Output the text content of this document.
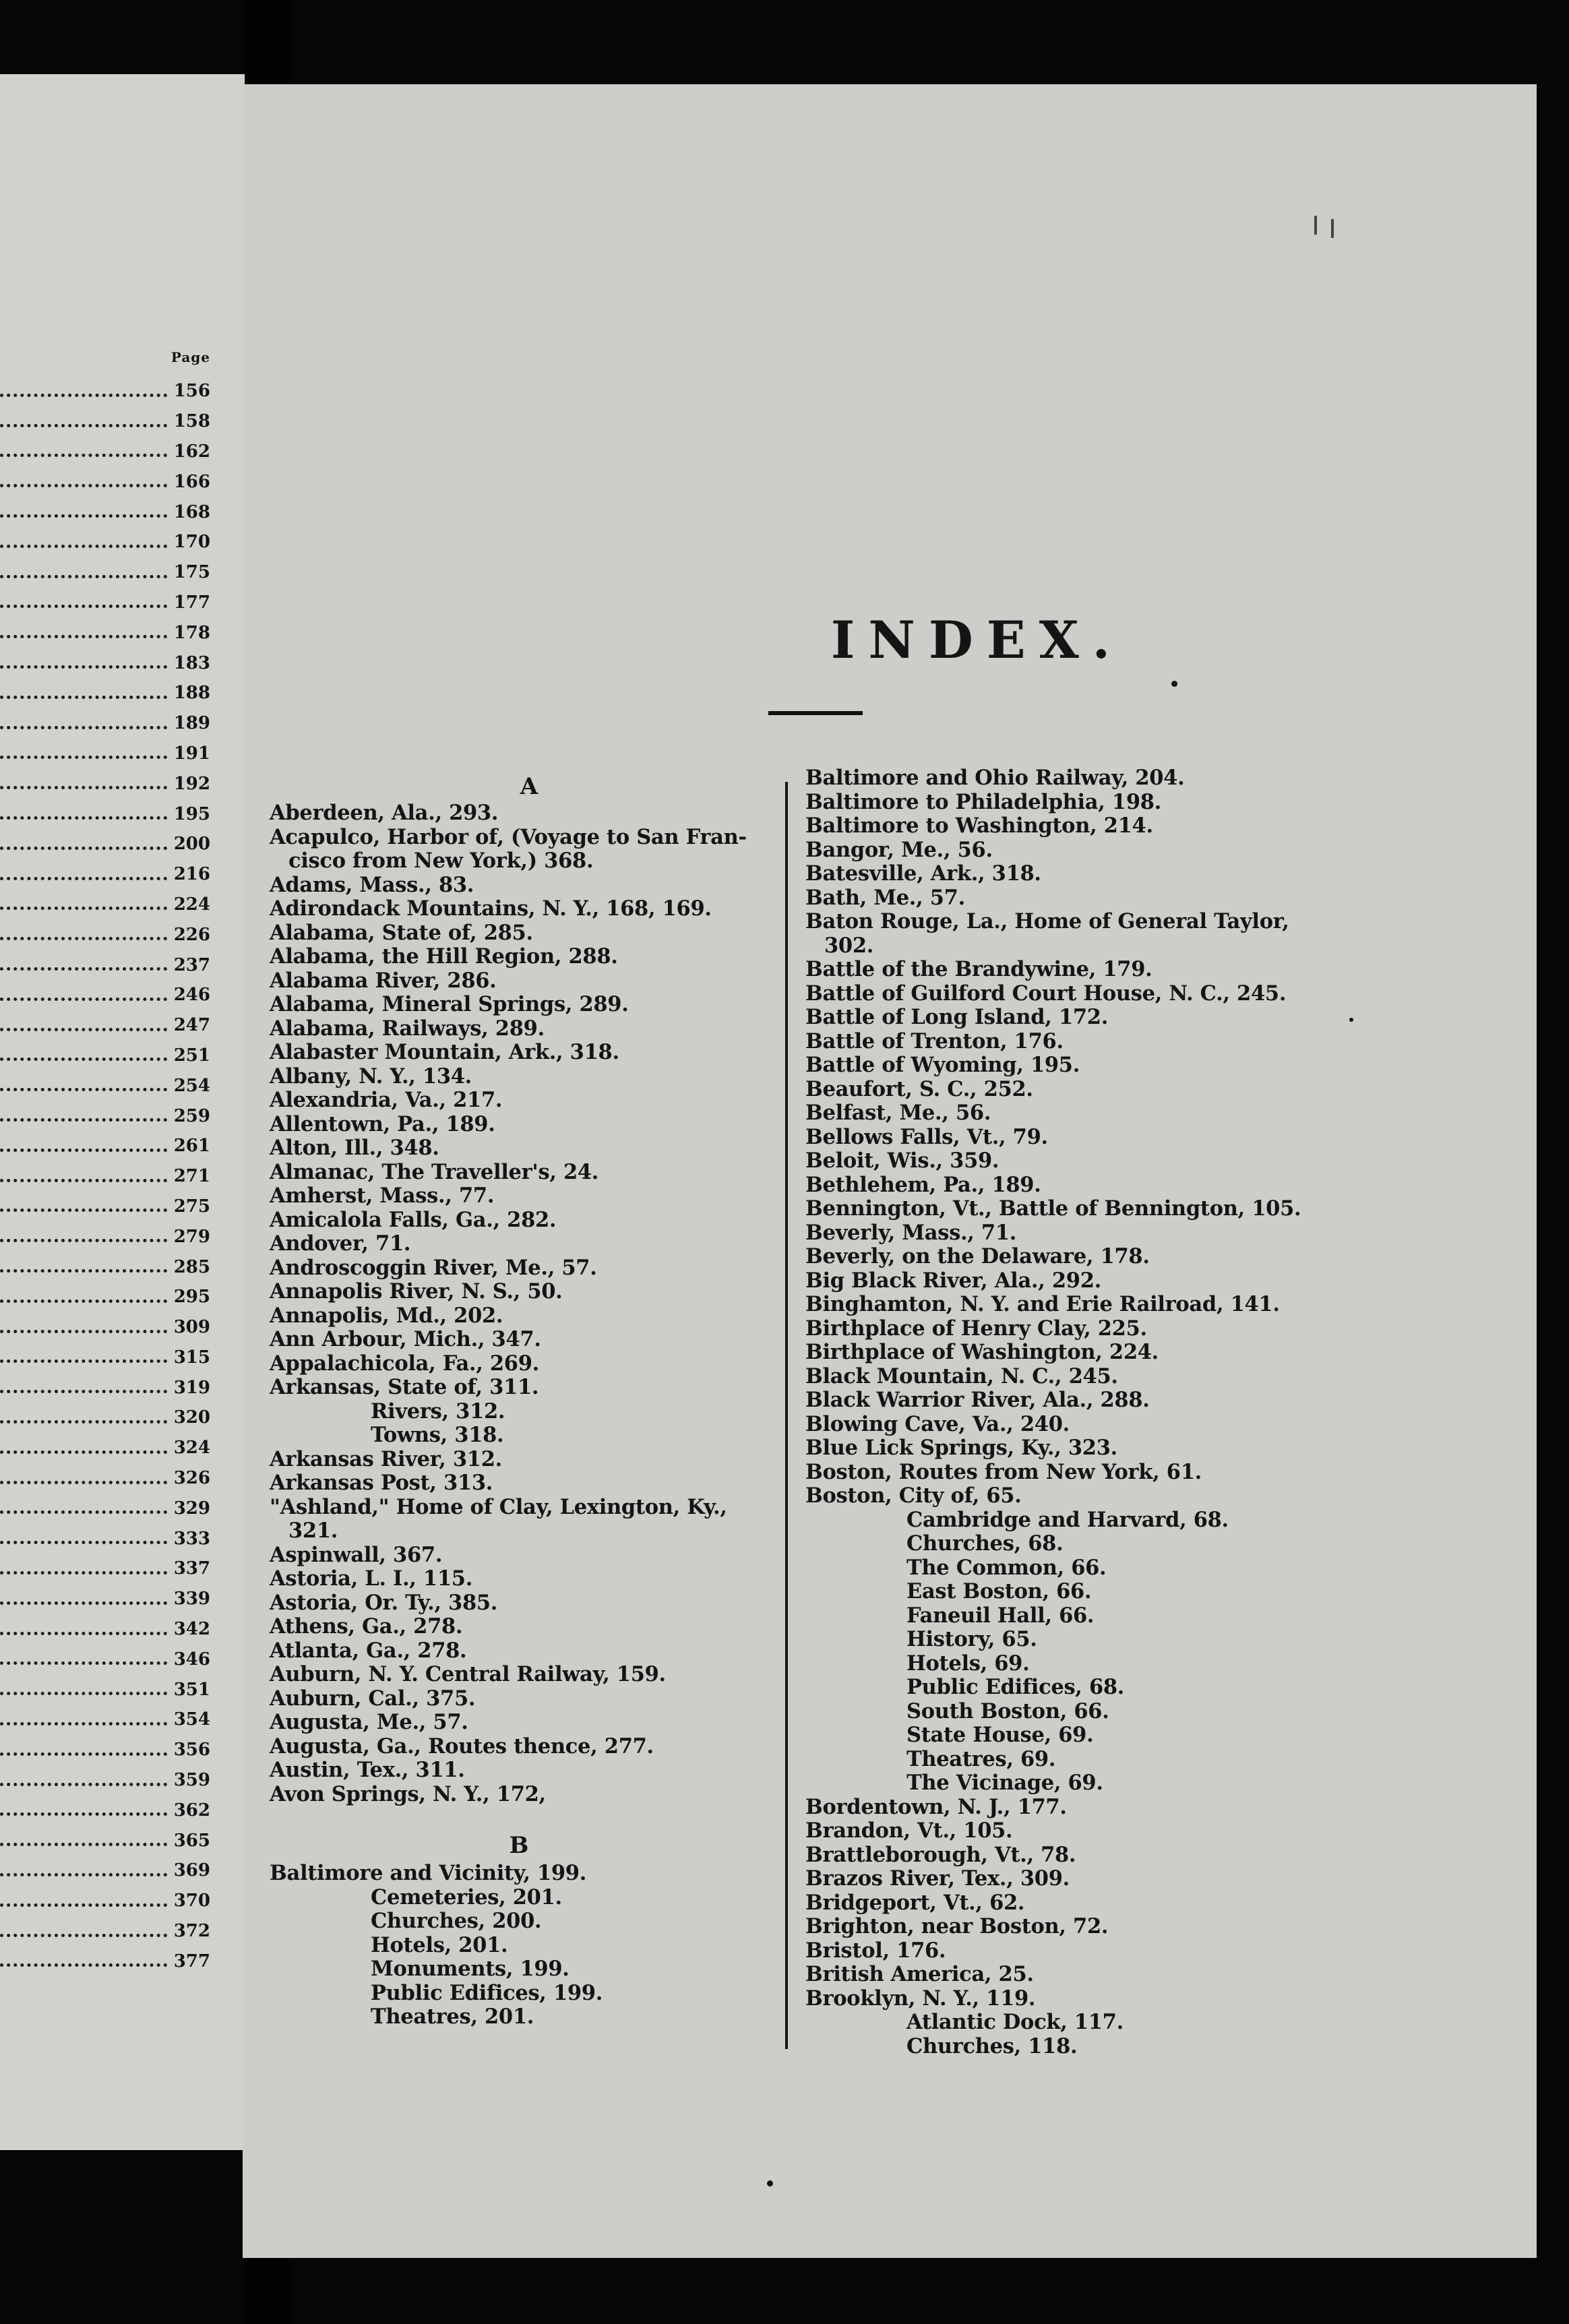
Page
156
158
162
166
168
170
175
177
178
183
188
189
191
192
195
200
216
224
226
237
246
247
251
254
259
261
271
275
279
285
295
309
315
319
320
324
326
329
333
337
339
342
346
351
354
356
359
362
365
369
370
372
377
INDEX.
A
Aberdeen, Ala., 293.
Acapulco, Harbor of, (Voyage to San Fran-
cisco from New York,) 368.
Adams, Mass., 83.
Adirondack Mountains, N. Y., 168, 169.
Alabama, State of, 285.
Alabama, the Hill Region, 288.
Alabama River, 286.
Alabama, Mineral Springs, 289.
Alabama, Railways, 289.
Alabaster Mountain, Ark., 318.
Albany, N. Y., 134.
Alexandria, Va., 217.
Allentown, Pa., 189.
Alton, Ill., 348.
Almanac, The Traveller's, 24.
Amherst, Mass., 77.
Amicalola Falls, Ga., 282.
Andover, 71.
Androscoggin River, Me., 57.
Annapolis River, N. S., 50.
Annapolis, Md., 202.
Ann Arbour, Mich., 347.
Appalachicola, Fa., 269.
Arkansas, State of, 311.
Rivers, 312.
Towns, 318.
Arkansas River, 312.
Arkansas Post, 313.
"Ashland," Home of Clay, Lexington, Ky.,
321.
Aspinwall, 367.
Astoria, L. I., 115.
Astoria, Or. Ty., 385.
Athens, Ga., 278.
Atlanta, Ga., 278.
Auburn, N. Y. Central Railway, 159.
Auburn, Cal., 375.
Augusta, Me., 57.
Augusta, Ga., Routes thence, 277.
Austin, Tex., 311.
Avon Springs, N. Y., 172,
B
Baltimore and Vicinity, 199.
Cemeteries, 201.
Churches, 200.
Hotels, 201.
Monuments, 199.
Public Edifices, 199.
Theatres, 201.
Baltimore and Ohio Railway, 204.
Baltimore to Philadelphia, 198.
Baltimore to Washington, 214.
Bangor, Me., 56.
Batesville, Ark., 318.
Bath, Me., 57.
Baton Rouge, La., Home of General Taylor,
302.
Battle of the Brandywine, 179.
Battle of Guilford Court House, N. C., 245.
Battle of Long Island, 172.
Battle of Trenton, 176.
Battle of Wyoming, 195.
Beaufort, S. C., 252.
Belfast, Me., 56.
Bellows Falls, Vt., 79.
Beloit, Wis., 359.
Bethlehem, Pa., 189.
Bennington, Vt., Battle of Bennington, 105.
Beverly, Mass., 71.
Beverly, on the Delaware, 178.
Big Black River, Ala., 292.
Binghamton, N. Y. and Erie Railroad, 141.
Birthplace of Henry Clay, 225.
Birthplace of Washington, 224.
Black Mountain, N. C., 245.
Black Warrior River, Ala., 288.
Blowing Cave, Va., 240.
Blue Lick Springs, Ky., 323.
Boston, Routes from New York, 61.
Boston, City of, 65.
Cambridge and Harvard, 68.
Churches, 68.
The Common, 66.
East Boston, 66.
Faneuil Hall, 66.
History, 65.
Hotels, 69.
Public Edifices, 68.
South Boston, 66.
State House, 69.
Theatres, 69.
The Vicinage, 69.
Bordentown, N. J., 177.
Brandon, Vt., 105.
Brattleborough, Vt., 78.
Brazos River, Tex., 309.
Bridgeport, Vt., 62.
Brighton, near Boston, 72.
Bristol, 176.
British America, 25.
Brooklyn, N. Y., 119.
Atlantic Dock, 117.
Churches, 118.
